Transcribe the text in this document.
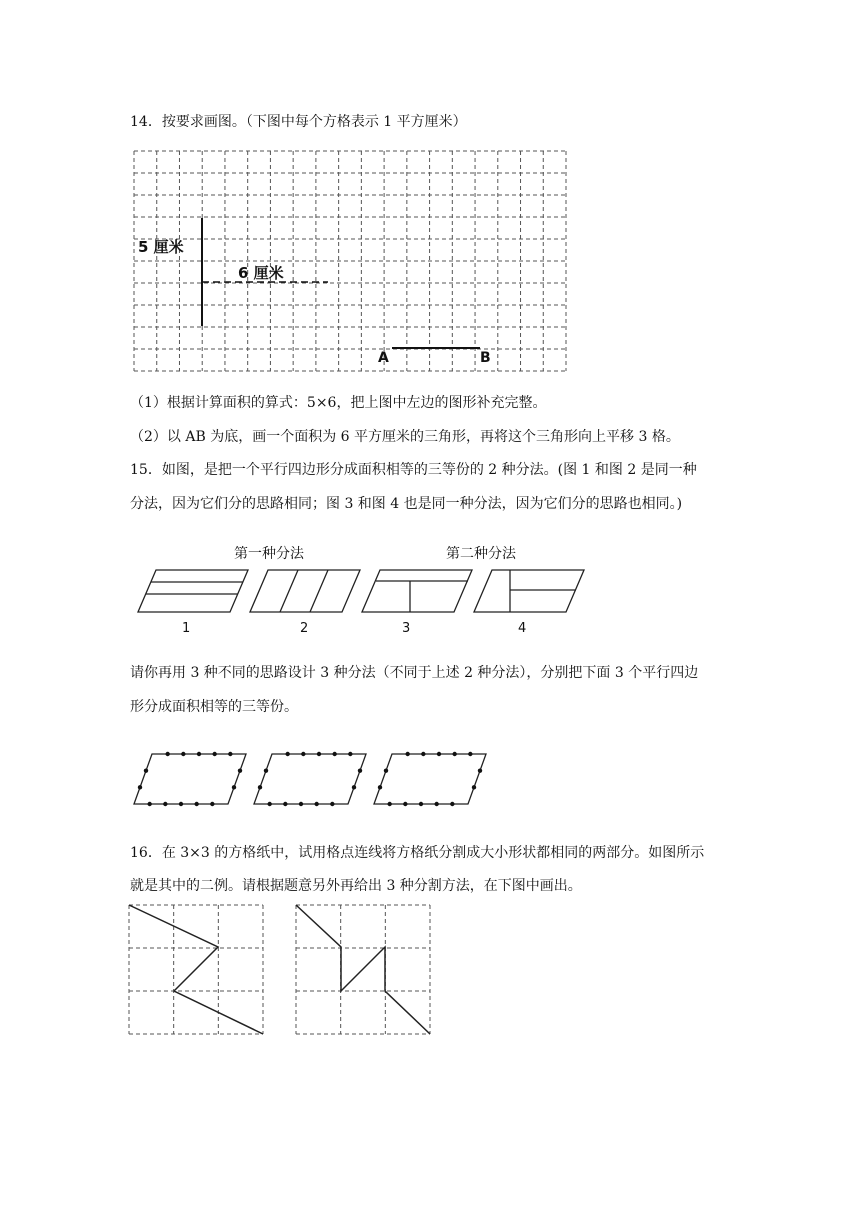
14．按要求画图。（下图中每个方格表示 1 平方厘米）
5 厘米
6 厘米
A	B
（1）根据计算面积的算式：5×6，把上图中左边的图形补充完整。
（2）以 AB 为底，画一个面积为 6 平方厘米的三角形，再将这个三角形向上平移 3 格。
15．如图，是把一个平行四边形分成面积相等的三等份的 2 种分法。(图 1 和图 2 是同一种
分法，因为它们分的思路相同；图 3 和图 4 也是同一种分法，因为它们分的思路也相同。)
第一种分法	第二种分法
1	2	3	4
请你再用 3 种不同的思路设计 3 种分法（不同于上述 2 种分法），分别把下面 3 个平行四边
形分成面积相等的三等份。
16．在 3×3 的方格纸中，试用格点连线将方格纸分割成大小形状都相同的两部分。如图所示
就是其中的二例。请根据题意另外再给出 3 种分割方法，在下图中画出。
